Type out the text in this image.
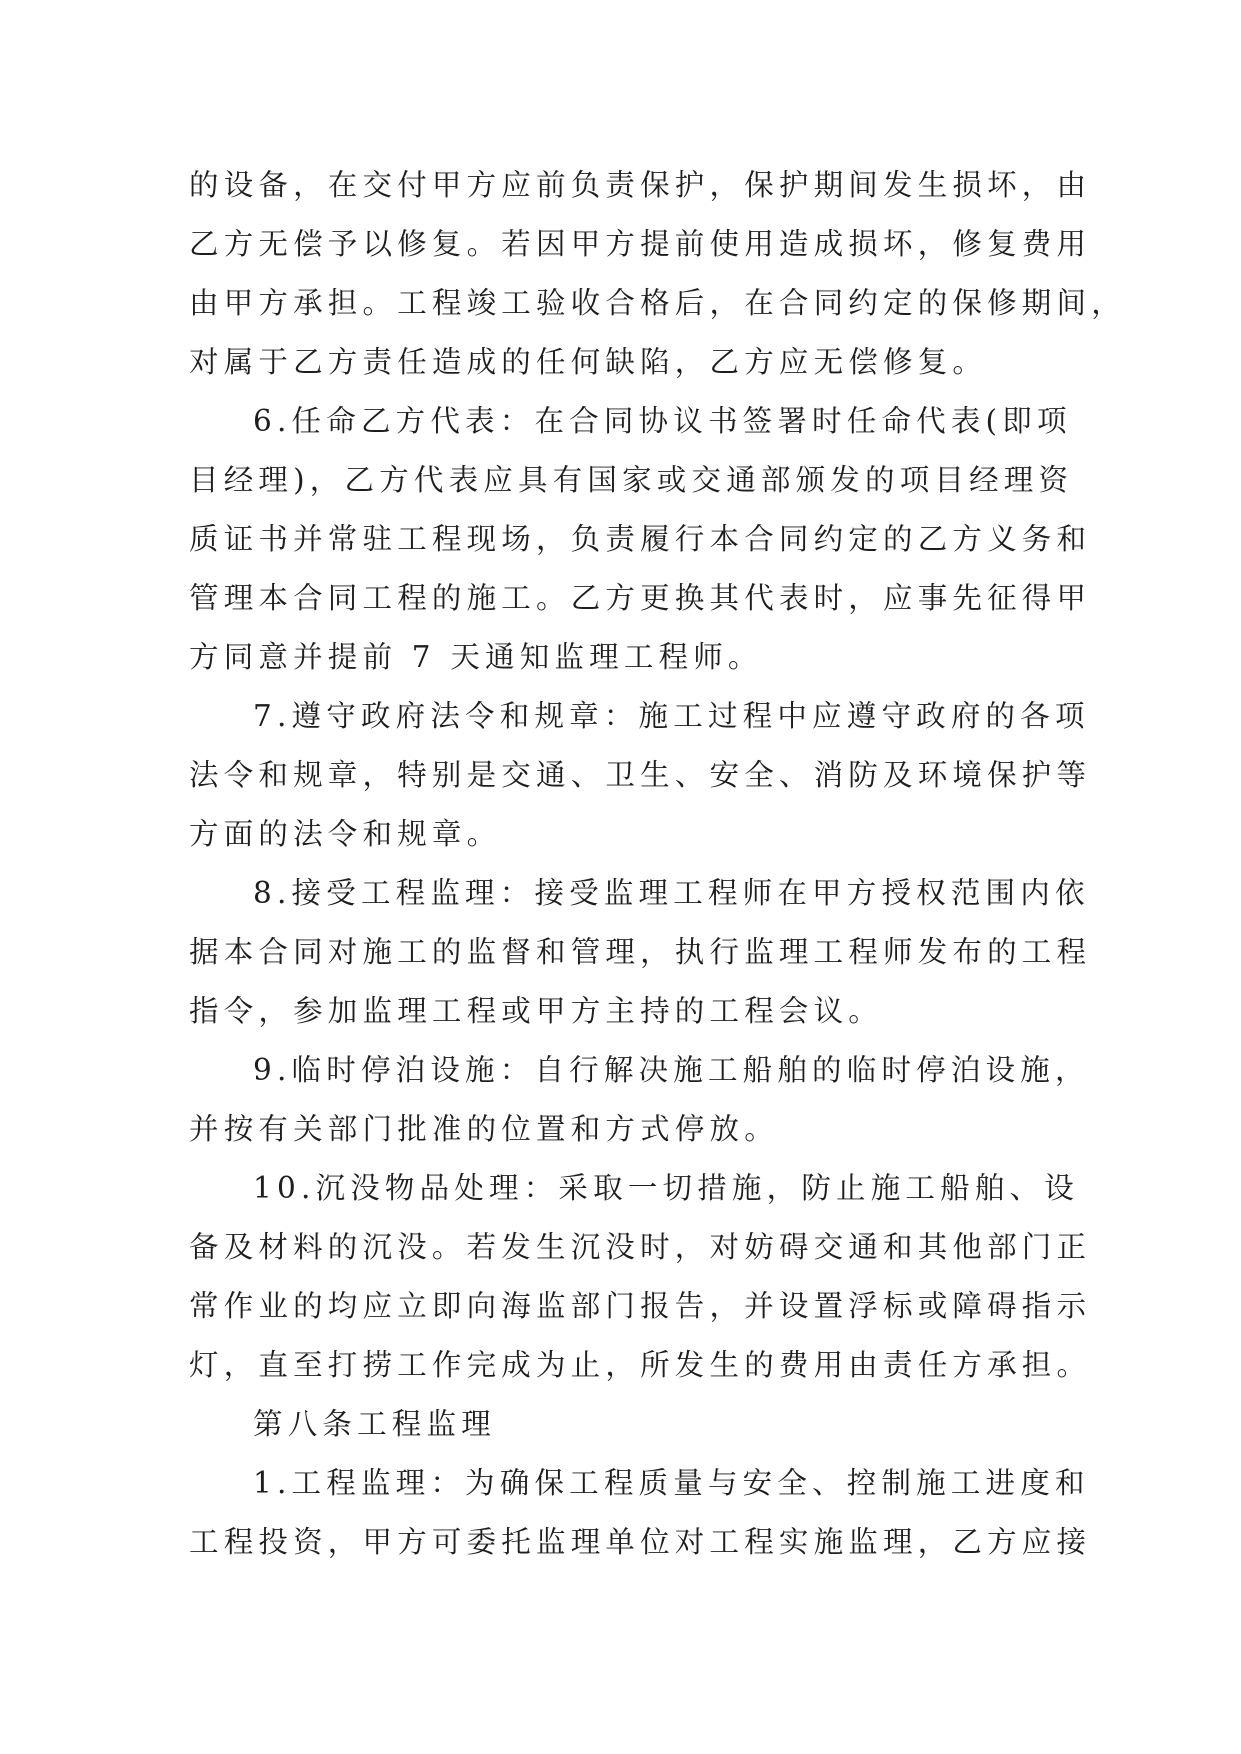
的设备，在交付甲方应前负责保护，保护期间发生损坏，由
乙方无偿予以修复。若因甲方提前使用造成损坏，修复费用
由甲方承担。工程竣工验收合格后，在合同约定的保修期间，
对属于乙方责任造成的任何缺陷，乙方应无偿修复。
6.任命乙方代表：在合同协议书签署时任命代表(即项
目经理)，乙方代表应具有国家或交通部颁发的项目经理资
质证书并常驻工程现场，负责履行本合同约定的乙方义务和
管理本合同工程的施工。乙方更换其代表时，应事先征得甲
方同意并提前 7 天通知监理工程师。
7.遵守政府法令和规章：施工过程中应遵守政府的各项
法令和规章，特别是交通、卫生、安全、消防及环境保护等
方面的法令和规章。
8.接受工程监理：接受监理工程师在甲方授权范围内依
据本合同对施工的监督和管理，执行监理工程师发布的工程
指令，参加监理工程或甲方主持的工程会议。
9.临时停泊设施：自行解决施工船舶的临时停泊设施，
并按有关部门批准的位置和方式停放。
10.沉没物品处理：采取一切措施，防止施工船舶、设
备及材料的沉没。若发生沉没时，对妨碍交通和其他部门正
常作业的均应立即向海监部门报告，并设置浮标或障碍指示
灯，直至打捞工作完成为止，所发生的费用由责任方承担。
第八条工程监理
1.工程监理：为确保工程质量与安全、控制施工进度和
工程投资，甲方可委托监理单位对工程实施监理，乙方应接
